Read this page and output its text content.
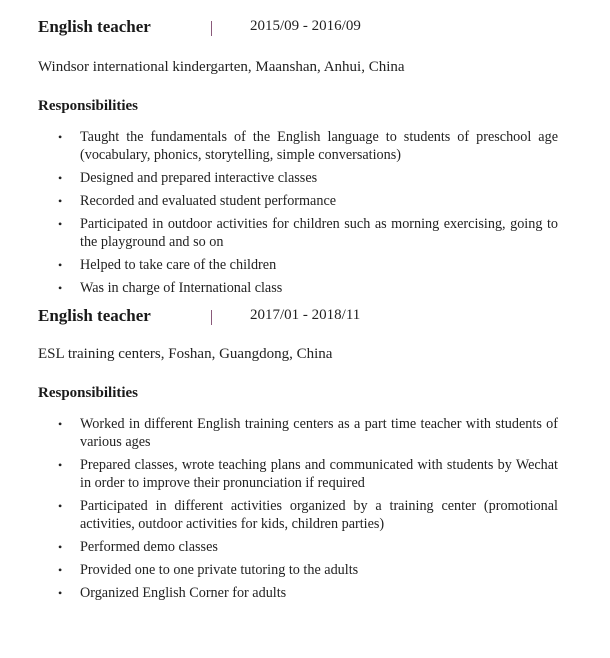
English teacher	2015/09 - 2016/09
Windsor international kindergarten, Maanshan, Anhui, China
Responsibilities
• Taught the fundamentals of the English language to students of preschool age (vocabulary, phonics, storytelling, simple conversations)
• Designed and prepared interactive classes
• Recorded and evaluated student performance
• Participated in outdoor activities for children such as morning exercising, going to the playground and so on
• Helped to take care of the children
• Was in charge of International class
English teacher	2017/01 - 2018/11
ESL training centers, Foshan, Guangdong, China
Responsibilities
• Worked in different English training centers as a part time teacher with students of various ages
• Prepared classes, wrote teaching plans and communicated with students by Wechat in order to improve their pronunciation if required
• Participated in different activities organized by a training center (promotional activities, outdoor activities for kids, children parties)
• Performed demo classes
• Provided one to one private tutoring to the adults
• Organized English Corner for adults
